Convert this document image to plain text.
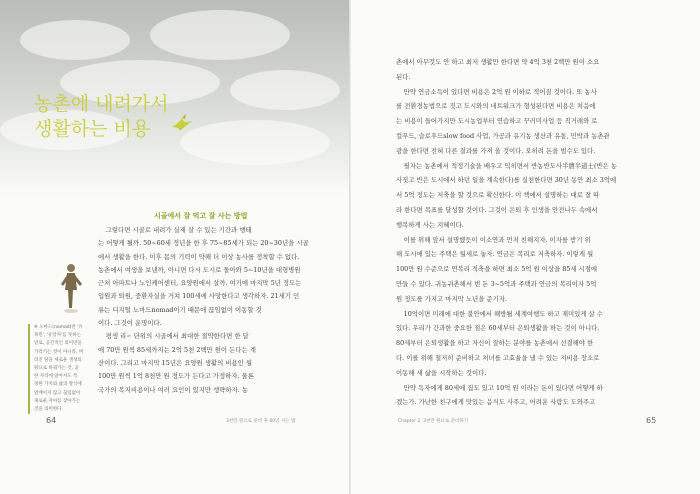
농촌에 내려가서
생활하는 비용
시골에서 잘 먹고 잘 사는 방법

그렇다면 시골로 내려가 실제 살 수 있는 기간과 행태

는 어떻게 될까. 50~60세 정년을 한 후 75~85세가 되는 20~30년을 시골

에서 생활을 한다. 이후 몸의 기력이 약해 더 이상 농사를 정착할 수 없다.

농촌에서 여생을 보낸까, 아니면 다시 도시로 돌아와 5~10년을 대형병원

근처 아파트나 노인케어센터, 요양원에서 살까. 여기에 마지막 5년 정도는

입원과 퇴원, 중환자실을 거쳐 100세에 사망한다고 생각하자. 21세기 인

류는 디지털 노마드nomad이기 때문에 끊임없이 이동할 것

이다. 그것이 운명이다.

평생 리∽ 단위의 시골에서 최대한 절약한다면 한 달

에 70만 원씩 85세까지는 2억 5천 2백만 원이 든다는 계

산이다. 그리고 마지막 15년은 요양원 생활의 비용인 월

100만 원씩 1억 8천만 원 정도가 든다고 가정하자. 물론

국가의 복지비용이나 여러 요인이 있지만 생략하자. 농

※ 노마드(nomad)란 '유

목민', '유랑자'를 뜻하는

말로, 공간적인 의미만을

가리키는 것이 아니라, 버

려진 땅을 새로운 생성의

땅으로 바꿔가는 것, 곧

한 자리에 앉아서도 특

정한 가치와 삶의 방식에

얽매이지 않고 끊임없이

새로운 자아를 찾아가는

것을 의미한다.

64	3천만 원으로 준비 후 60년 사는 법

촌에서 아무것도 안 하고 최저 생활만 한다면 약 4억 3천 2백만 원이 소요

된다.

만약 연금소득이 있다면 비용은 2억 원 이하로 적어질 것이다. 또 농사

를 전환경농법으로 짓고 도시와의 네트워크가 형성된다면 비용은 처음에

는 비용이 들어가지만 도시농업부터 연습하고 꾸러미사업 등 직거래와 로

컬푸드, 슬로푸드slow food 사업, 가공과 유기농 생산과 유통, 민박과 농촌관

광을 한다면 전혀 다른 결과를 가져 올 것이다. 오히려 돈을 벌수도 있다.

필자는 농촌에서 적정기술을 배우고 익히면서 반농반도사半農半道士(반은 농

사짓고 반은 도시에서 하던 일을 계속한다)를 실천한다면 30년 동안 최소 3억에

서 5억 정도는 저축을 할 것으로 확신한다. 이 책에서 설명하는 대로 잘 따

라 한다면 목표를 달성할 것이다. 그것이 은퇴 후 인생을 안전나두 속에서

행복하게 사는 지혜이다.

이를 위해 앞서 설명했듯이 이소연과 먼저 친해지자. 이자를 받기 위

해 도시에 있는 주택은 월세로 놓자. 연금은 복리로 저축하자. 이렇게 월

100만 원 수준으로 연복리 적축을 하면 최소 5억 원 이상을 85세 시점에

만들 수 있다. 귀농귀촌해서 번 돈 3~5억과 주택과 연금의 복리이자 5억

원 정도를 가지고 마지막 노년을 준기자.

10억이면 미래에 대한 불안에서 해방될 세계여행도 하고 재미있게 살 수

있다. 우리가 간과한 중요한 점은 60세부터 은퇴생활을 하는 것이 아니다.

80세부터 은퇴생활을 하고 자신이 잘하는 분야를 농촌에서 선결해야 한

다. 이를 위해 철저히 준비하고 처녀를 고효율을 낼 수 있는 저비용 장소로

이동해 새 삶을 시작하는 것이다.

만약 독자에게 80세에 집도 있고 10억 원 이라는 돈이 있다면 어떻게 하

겠는가. 가난한 친구에게 맛있는 음식도 사주고, 어려운 사람도 도와주고

Chapter 2. 3천만 원으로 준비하기	65
